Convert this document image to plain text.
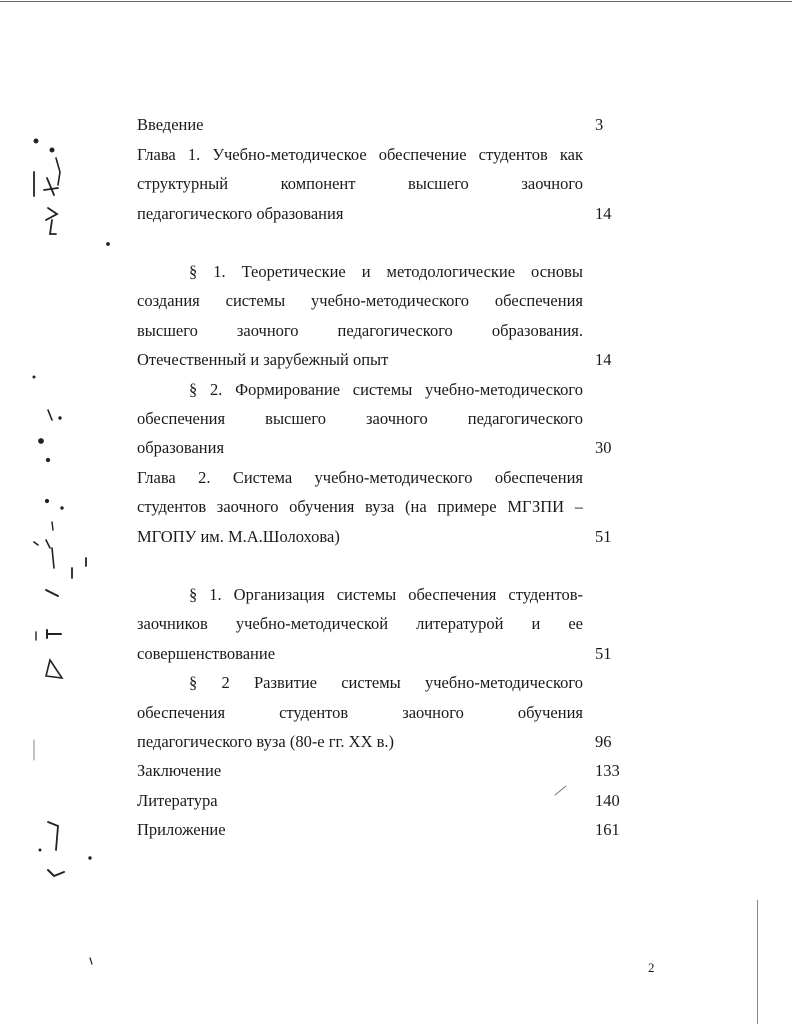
Введение	3
Глава 1. Учебно-методическое обеспечение студентов как
структурный компонент высшего заочного
педагогического образования	14
§ 1. Теоретические и методологические основы
создания системы учебно-методического обеспечения
высшего заочного педагогического образования.
Отечественный и зарубежный опыт	14
§ 2. Формирование системы учебно-методического
обеспечения высшего заочного педагогического
образования	30
Глава 2. Система учебно-методического обеспечения
студентов заочного обучения вуза (на примере МГЗПИ –
МГОПУ им. М.А.Шолохова)	51
§ 1. Организация системы обеспечения студентов-
заочников учебно-методической литературой и ее
совершенствование	51
§ 2 Развитие системы учебно-методического
обеспечения студентов заочного обучения
педагогического вуза (80-е гг. XX в.)	96
Заключение	133
Литература	140
Приложение	161
2
